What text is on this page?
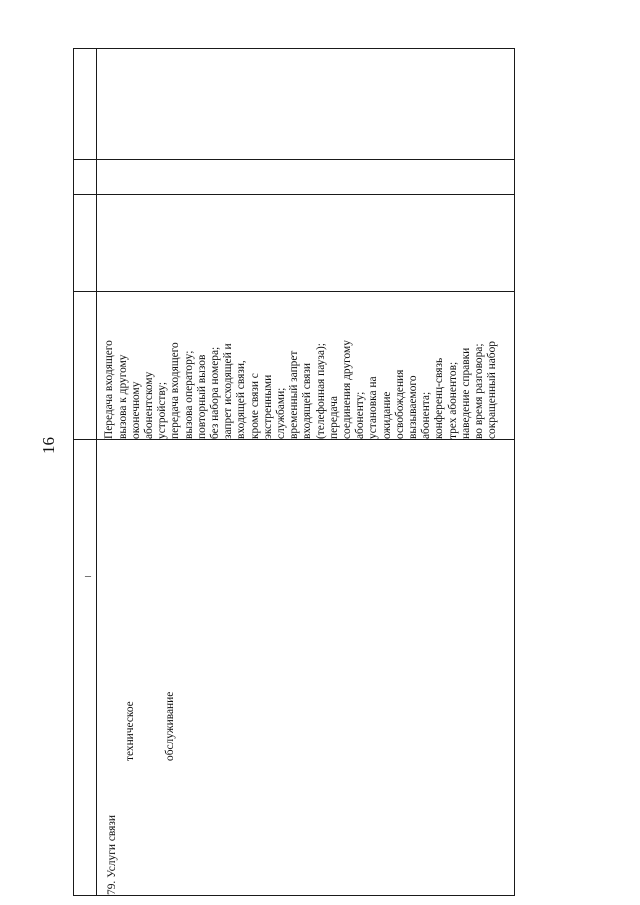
16

79. Услуги связи

техническое

обслуживание

–

Передача входящего вызова к другому оконечному абонентскому устройству; передача входящего вызова оператору; повторный вызов без набора номера; запрет исходящей и входящей связи, кроме связи с экстренными службами; временный запрет входящей связи (телефонная пауза); передача соединения другому абоненту; установка на ожидание освобождения вызываемого абонента; конференц-связь трех абонентов; наведение справки во время разговора; сокращенный набор
